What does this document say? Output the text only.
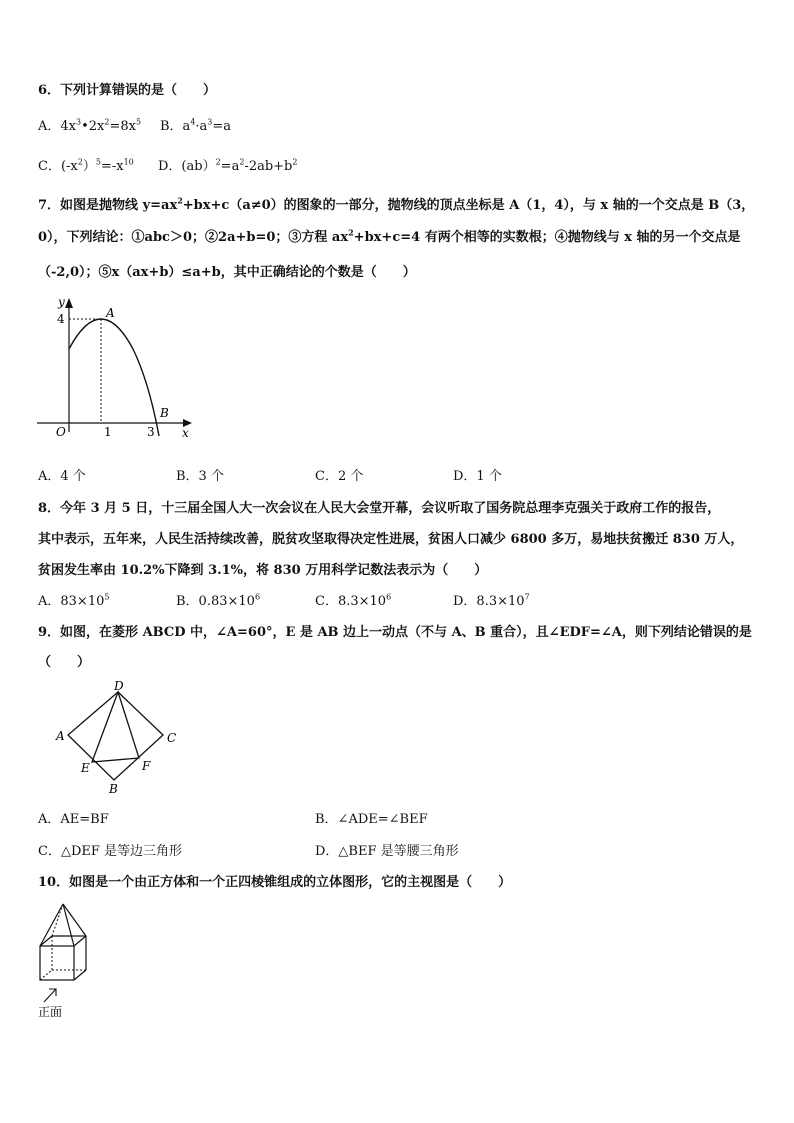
6．下列计算错误的是（　　）
A．$4x^3•2x^2=8x^5$ B．$a^4\cdot a^3=a$
C．$(-x^2)^5=-x^{10}$ D．$(ab)^2=a^2-2ab+b^2$
7．如图是抛物线 $y=ax^2+bx+c(a\ne 0)$的图象的一部分，抛物线的顶点坐标是 A（1，4），与 x 轴的一个交点是 B（3，
0），下列结论：①abc＞0；②2a+b=0；③方程 $ax^2+bx+c=4$ 有两个相等的实数根；④抛物线与 x 轴的另一个交点是
（-2,0）；⑤x（ax+b）≤a+b，其中正确结论的个数是（　　）
y
x
O
4
1	3
A
B
A．4 个	B．3 个	C．2 个	D．1 个
8．今年 3 月 5 日，十三届全国人大一次会议在人民大会堂开幕，会议听取了国务院总理李克强关于政府工作的报告，
其中表示，五年来，人民生活持续改善，脱贫攻坚取得决定性进展，贫困人口减少 6800 多万，易地扶贫搬迁 830 万人，
贫困发生率由 10.2%下降到 3.1%，将 830 万用科学记数法表示为（　　）
A．$83\times 10^5$	B．$0.83\times 10^6$	C．$8.3\times 10^6$	D．$8.3\times 10^7$
9．如图，在菱形 ABCD 中，∠A=60°，E 是 AB 边上一动点（不与 A、B 重合），且∠EDF=∠A，则下列结论错误的是
（　　）
D
A	C
B
E	F
A．AE=BF	B．∠ADE=∠BEF
C．△DEF 是等边三角形	D．△BEF 是等腰三角形
10．如图是一个由正方体和一个正四棱锥组成的立体图形，它的主视图是（　　）
正面
